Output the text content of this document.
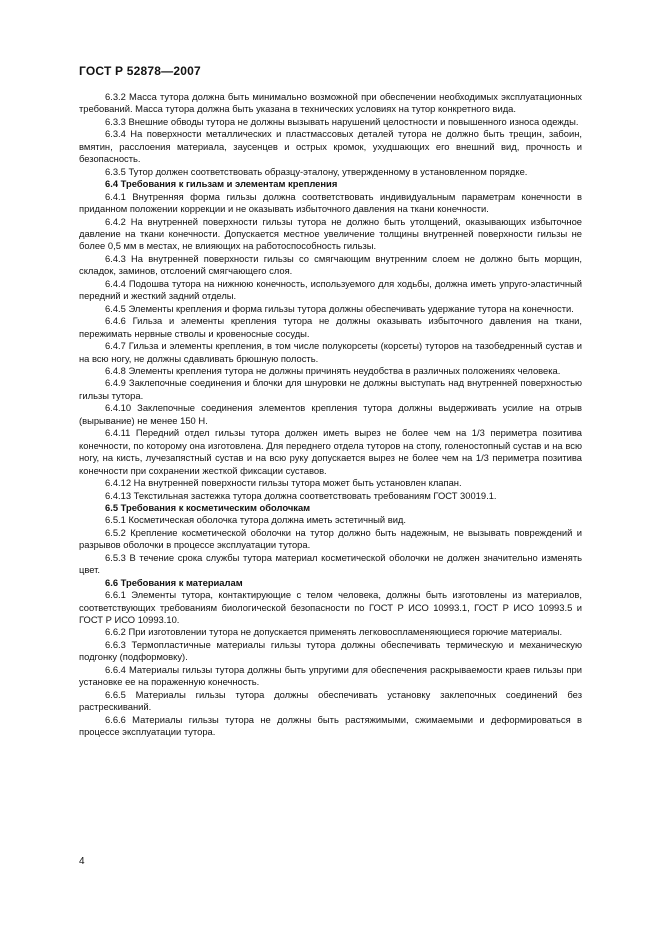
ГОСТ Р 52878—2007

6.3.2 Масса тутора должна быть минимально возможной при обеспечении необходимых эксплуатационных требований. Масса тутора должна быть указана в технических условиях на тутор конкретного вида.

6.3.3 Внешние обводы тутора не должны вызывать нарушений целостности и повышенного износа одежды.

6.3.4 На поверхности металлических и пластмассовых деталей тутора не должно быть трещин, забоин, вмятин, расслоения материала, заусенцев и острых кромок, ухудшающих его внешний вид, прочность и безопасность.

6.3.5 Тутор должен соответствовать образцу-эталону, утвержденному в установленном порядке.

6.4 Требования к гильзам и элементам крепления

6.4.1 Внутренняя форма гильзы должна соответствовать индивидуальным параметрам конечности в приданном положении коррекции и не оказывать избыточного давления на ткани конечности.

6.4.2 На внутренней поверхности гильзы тутора не должно быть утолщений, оказывающих избыточное давление на ткани конечности. Допускается местное увеличение толщины внутренней поверхности гильзы не более 0,5 мм в местах, не влияющих на работоспособность гильзы.

6.4.3 На внутренней поверхности гильзы со смягчающим внутренним слоем не должно быть морщин, складок, заминов, отслоений смягчающего слоя.

6.4.4 Подошва тутора на нижнюю конечность, используемого для ходьбы, должна иметь упруго-эластичный передний и жесткий задний отделы.

6.4.5 Элементы крепления и форма гильзы тутора должны обеспечивать удержание тутора на конечности.

6.4.6 Гильза и элементы крепления тутора не должны оказывать избыточного давления на ткани, пережимать нервные стволы и кровеносные сосуды.

6.4.7 Гильза и элементы крепления, в том числе полукорсеты (корсеты) туторов на тазобедренный сустав и на всю ногу, не должны сдавливать брюшную полость.

6.4.8 Элементы крепления тутора не должны причинять неудобства в различных положениях человека.

6.4.9 Заклепочные соединения и блочки для шнуровки не должны выступать над внутренней поверхностью гильзы тутора.

6.4.10 Заклепочные соединения элементов крепления тутора должны выдерживать усилие на отрыв (вырывание) не менее 150 Н.

6.4.11 Передний отдел гильзы тутора должен иметь вырез не более чем на 1/3 периметра позитива конечности, по которому она изготовлена. Для переднего отдела туторов на стопу, голеностопный сустав и на всю ногу, на кисть, лучезапястный сустав и на всю руку допускается вырез не более чем на 1/3 периметра позитива конечности при сохранении жесткой фиксации суставов.

6.4.12 На внутренней поверхности гильзы тутора может быть установлен клапан.

6.4.13 Текстильная застежка тутора должна соответствовать требованиям ГОСТ 30019.1.

6.5 Требования к косметическим оболочкам

6.5.1 Косметическая оболочка тутора должна иметь эстетичный вид.

6.5.2 Крепление косметической оболочки на тутор должно быть надежным, не вызывать повреждений и разрывов оболочки в процессе эксплуатации тутора.

6.5.3 В течение срока службы тутора материал косметической оболочки не должен значительно изменять цвет.

6.6 Требования к материалам

6.6.1 Элементы тутора, контактирующие с телом человека, должны быть изготовлены из материалов, соответствующих требованиям биологической безопасности по ГОСТ Р ИСО 10993.1, ГОСТ Р ИСО 10993.5 и ГОСТ Р ИСО 10993.10.

6.6.2 При изготовлении тутора не допускается применять легковоспламеняющиеся горючие материалы.

6.6.3 Термопластичные материалы гильзы тутора должны обеспечивать термическую и механическую подгонку (подформовку).

6.6.4 Материалы гильзы тутора должны быть упругими для обеспечения раскрываемости краев гильзы при установке ее на пораженную конечность.

6.6.5 Материалы гильзы тутора должны обеспечивать установку заклепочных соединений без растрескиваний.

6.6.6 Материалы гильзы тутора не должны быть растяжимыми, сжимаемыми и деформироваться в процессе эксплуатации тутора.

4
